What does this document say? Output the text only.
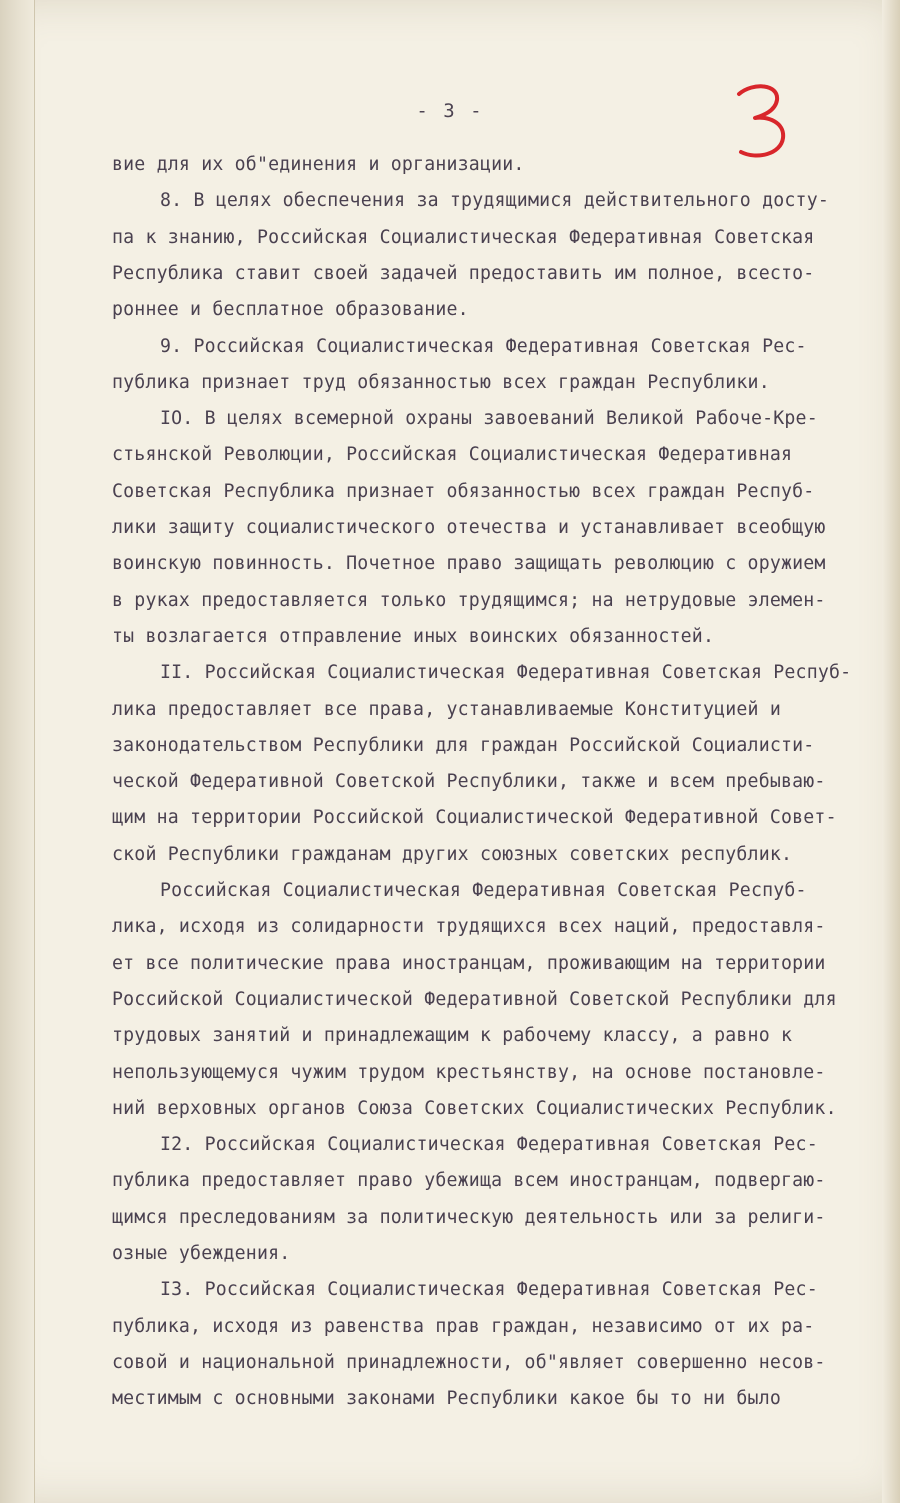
- 3 -
вие для их об"единения и организации.
8. В целях обеспечения за трудящимися действительного досту-
па к знанию, Российская Социалистическая Федеративная Советская
Республика ставит своей задачей предоставить им полное, всесто-
роннее и бесплатное образование.
9. Российская Социалистическая Федеративная Советская Рес-
публика признает труд обязанностью всех граждан Республики.
IO. В целях всемерной охраны завоеваний Великой Рабоче-Кре-
стьянской Революции, Российская Социалистическая Федеративная
Советская Республика признает обязанностью всех граждан Респуб-
лики защиту социалистического отечества и устанавливает всеобщую
воинскую повинность. Почетное право защищать революцию с оружием
в руках предоставляется только трудящимся; на нетрудовые элемен-
ты возлагается отправление иных воинских обязанностей.
II. Российская Социалистическая Федеративная Советская Респуб-
лика предоставляет все права, устанавливаемые Конституцией и
законодательством Республики для граждан Российской Социалисти-
ческой Федеративной Советской Республики, также и всем пребываю-
щим на территории Российской Социалистической Федеративной Совет-
ской Республики гражданам других союзных советских республик.
Российская Социалистическая Федеративная Советская Респуб-
лика, исходя из солидарности трудящихся всех наций, предоставля-
ет все политические права иностранцам, проживающим на территории
Российской Социалистической Федеративной Советской Республики для
трудовых занятий и принадлежащим к рабочему классу, а равно к
непользующемуся чужим трудом крестьянству, на основе постановле-
ний верховных органов Союза Советских Социалистических Республик.
I2. Российская Социалистическая Федеративная Советская Рес-
публика предоставляет право убежища всем иностранцам, подвергаю-
щимся преследованиям за политическую деятельность или за религи-
озные убеждения.
I3. Российская Социалистическая Федеративная Советская Рес-
публика, исходя из равенства прав граждан, независимо от их ра-
совой и национальной принадлежности, об"являет совершенно несов-
местимым с основными законами Республики какое бы то ни было
